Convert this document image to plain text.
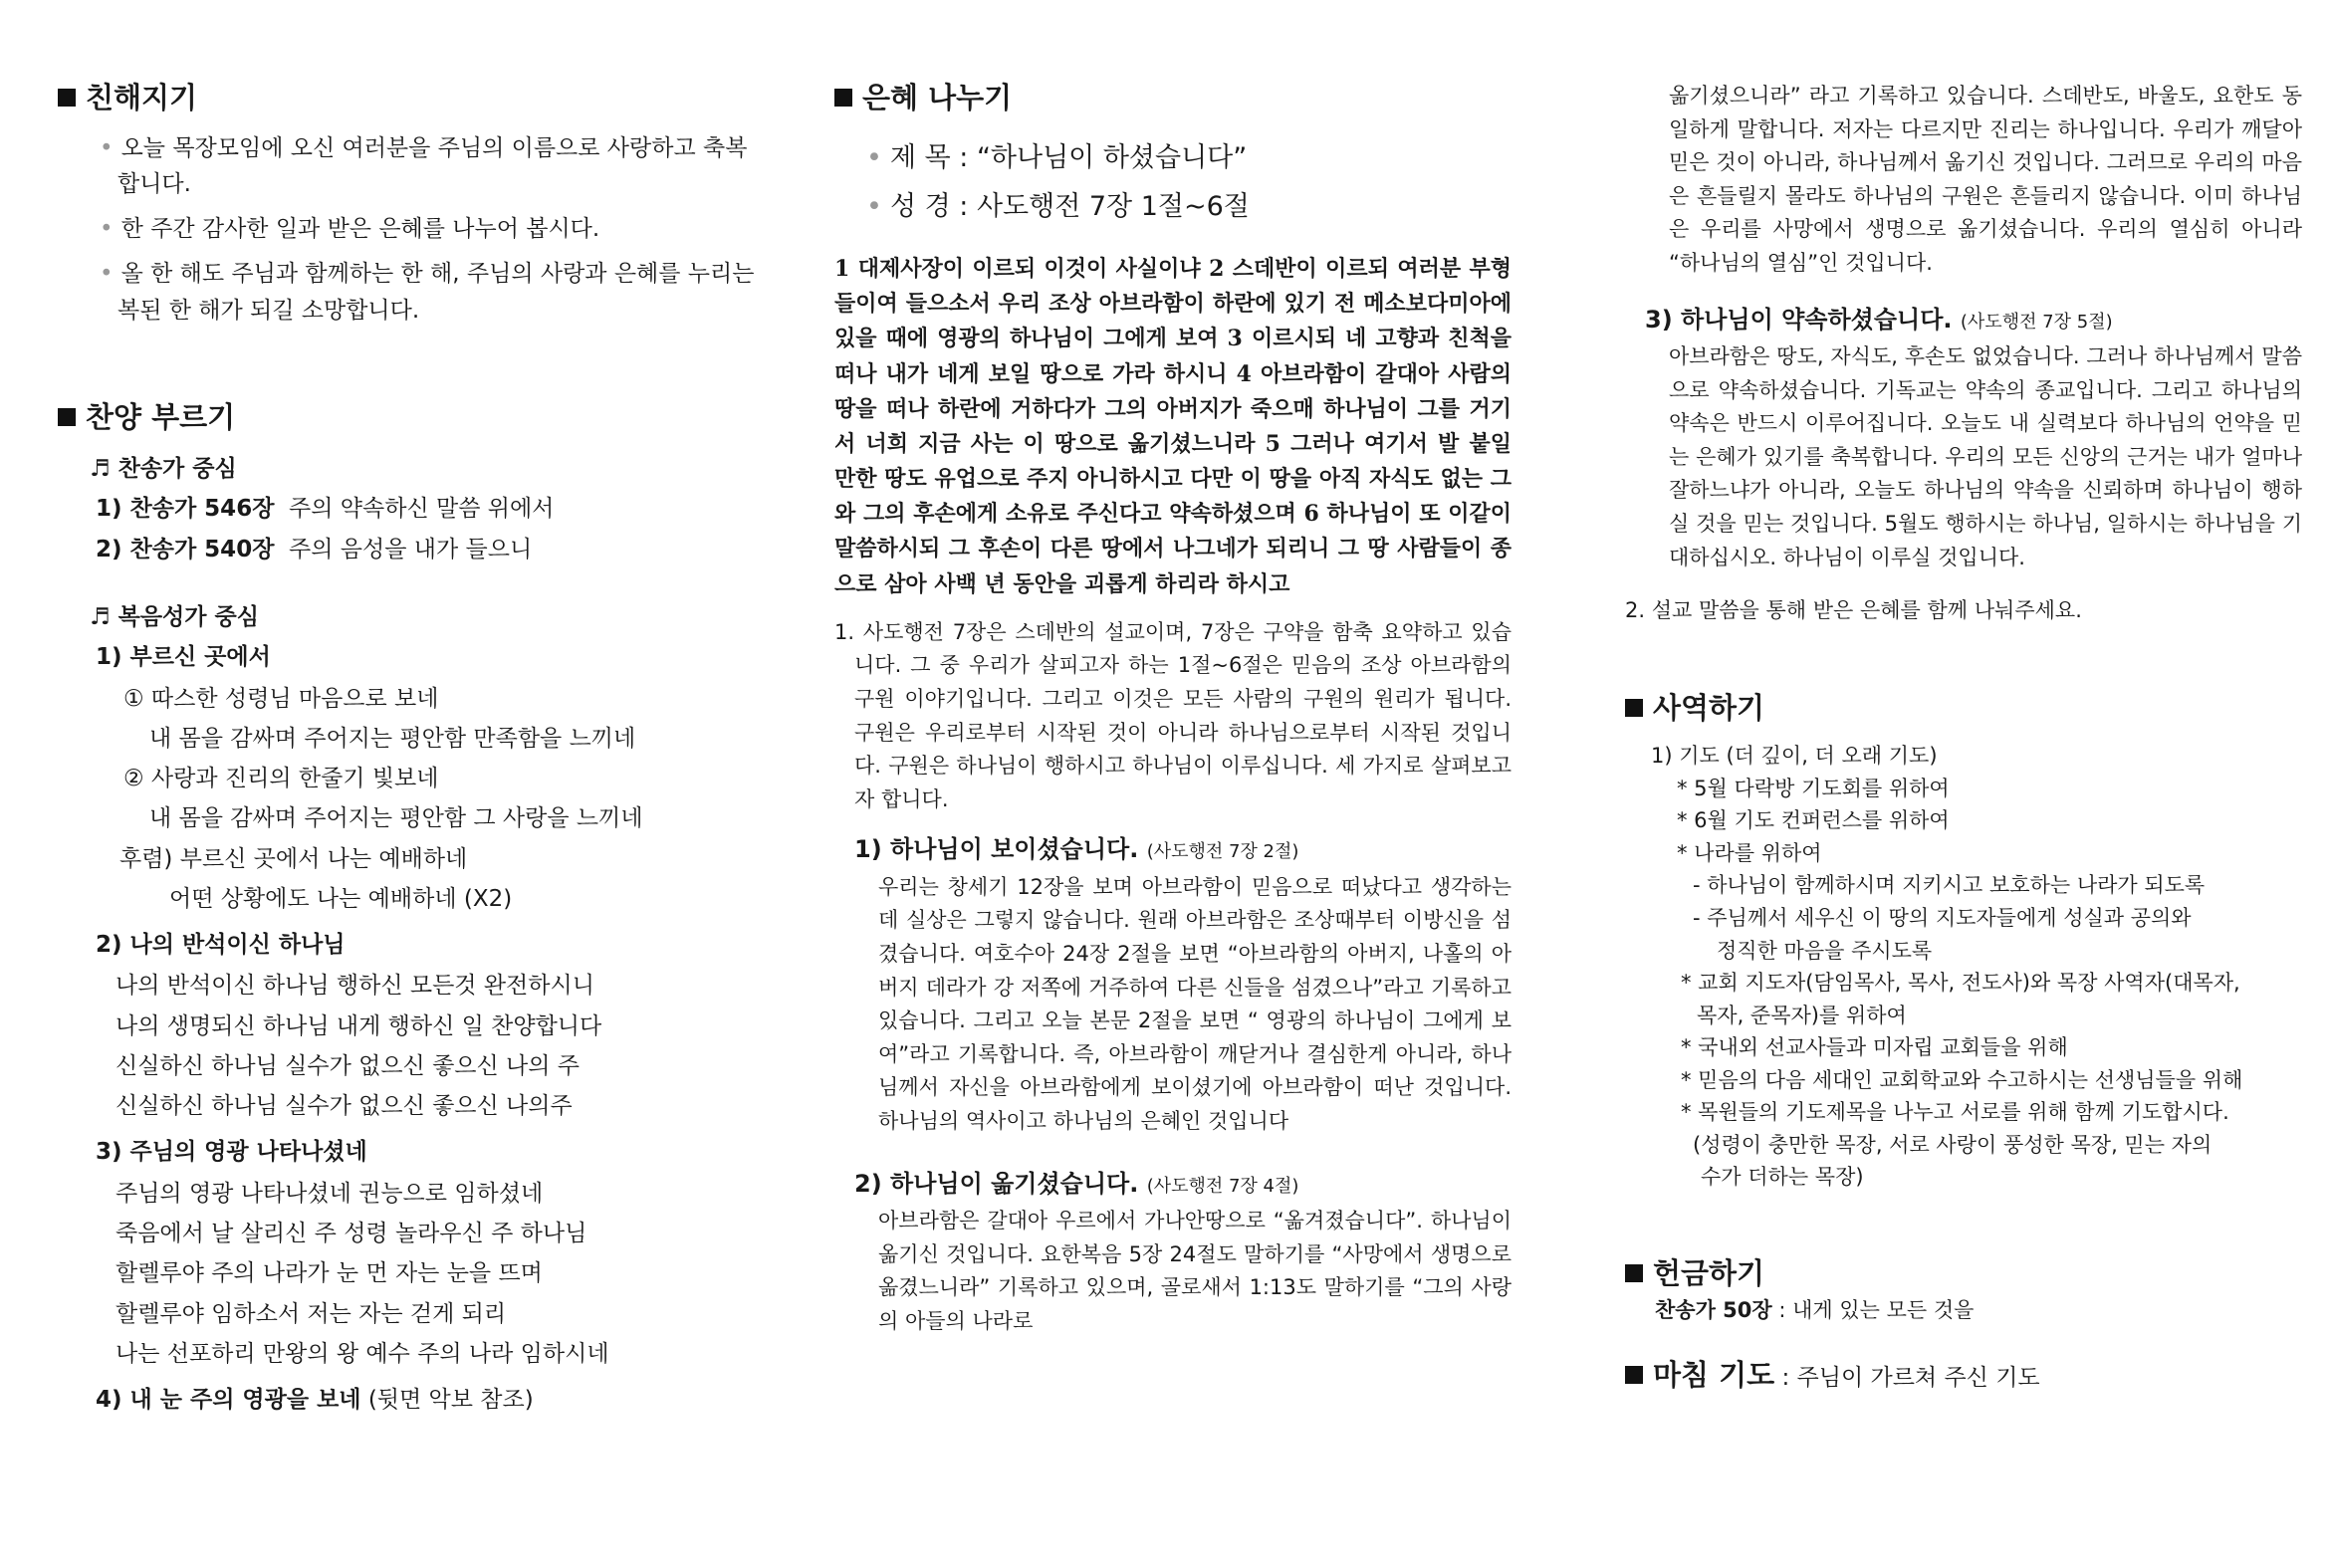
친해지기

• 오늘 목장모임에 오신 여러분을 주님의 이름으로 사랑하고 축복합니다.

• 한 주간 감사한 일과 받은 은혜를 나누어 봅시다.

• 올 한 해도 주님과 함께하는 한 해, 주님의 사랑과 은혜를 누리는 복된 한 해가 되길 소망합니다.

찬양 부르기

♬ 찬송가 중심

1) 찬송가 546장 주의 약속하신 말씀 위에서

2) 찬송가 540장 주의 음성을 내가 들으니

♬ 복음성가 중심

1) 부르신 곳에서

① 따스한 성령님 마음으로 보네

내 몸을 감싸며 주어지는 평안함 만족함을 느끼네

② 사랑과 진리의 한줄기 빛보네

내 몸을 감싸며 주어지는 평안함 그 사랑을 느끼네

후렴) 부르신 곳에서 나는 예배하네

어떤 상황에도 나는 예배하네 (X2)

2) 나의 반석이신 하나님

나의 반석이신 하나님 행하신 모든것 완전하시니

나의 생명되신 하나님 내게 행하신 일 찬양합니다

신실하신 하나님 실수가 없으신 좋으신 나의 주

신실하신 하나님 실수가 없으신 좋으신 나의주

3) 주님의 영광 나타나셨네

주님의 영광 나타나셨네 권능으로 임하셨네

죽음에서 날 살리신 주 성령 놀라우신 주 하나님

할렐루야 주의 나라가 눈 먼 자는 눈을 뜨며

할렐루야 임하소서 저는 자는 걷게 되리

나는 선포하리 만왕의 왕 예수 주의 나라 임하시네

4) 내 눈 주의 영광을 보네 (뒷면 악보 참조)

은혜 나누기

• 제 목 : “하나님이 하셨습니다”

• 성 경 : 사도행전 7장 1절~6절

1 대제사장이 이르되 이것이 사실이냐 2 스데반이 이르되 여러분 부형들이여 들으소서 우리 조상 아브라함이 하란에 있기 전 메소보다미아에 있을 때에 영광의 하나님이 그에게 보여 3 이르시되 네 고향과 친척을 떠나 내가 네게 보일 땅으로 가라 하시니 4 아브라함이 갈대아 사람의 땅을 떠나 하란에 거하다가 그의 아버지가 죽으매 하나님이 그를 거기서 너희 지금 사는 이 땅으로 옮기셨느니라 5 그러나 여기서 발 붙일 만한 땅도 유업으로 주지 아니하시고 다만 이 땅을 아직 자식도 없는 그와 그의 후손에게 소유로 주신다고 약속하셨으며 6 하나님이 또 이같이 말씀하시되 그 후손이 다른 땅에서 나그네가 되리니 그 땅 사람들이 종으로 삼아 사백 년 동안을 괴롭게 하리라 하시고

1. 사도행전 7장은 스데반의 설교이며, 7장은 구약을 함축 요약하고 있습니다. 그 중 우리가 살피고자 하는 1절~6절은 믿음의 조상 아브라함의 구원 이야기입니다. 그리고 이것은 모든 사람의 구원의 원리가 됩니다. 구원은 우리로부터 시작된 것이 아니라 하나님으로부터 시작된 것입니다. 구원은 하나님이 행하시고 하나님이 이루십니다. 세 가지로 살펴보고자 합니다.

1) 하나님이 보이셨습니다. (사도행전 7장 2절)

우리는 창세기 12장을 보며 아브라함이 믿음으로 떠났다고 생각하는데 실상은 그렇지 않습니다. 원래 아브라함은 조상때부터 이방신을 섬겼습니다. 여호수아 24장 2절을 보면 “아브라함의 아버지, 나홀의 아버지 데라가 강 저쪽에 거주하여 다른 신들을 섬겼으나”라고 기록하고 있습니다. 그리고 오늘 본문 2절을 보면 “ 영광의 하나님이 그에게 보여”라고 기록합니다. 즉, 아브라함이 깨닫거나 결심한게 아니라, 하나님께서 자신을 아브라함에게 보이셨기에 아브라함이 떠난 것입니다. 하나님의 역사이고 하나님의 은혜인 것입니다

2) 하나님이 옮기셨습니다. (사도행전 7장 4절)

아브라함은 갈대아 우르에서 가나안땅으로 “옮겨졌습니다”. 하나님이 옮기신 것입니다. 요한복음 5장 24절도 말하기를 “사망에서 생명으로 옮겼느니라” 기록하고 있으며, 골로새서 1:13도 말하기를 “그의 사랑의 아들의 나라로

옮기셨으니라” 라고 기록하고 있습니다. 스데반도, 바울도, 요한도 동일하게 말합니다. 저자는 다르지만 진리는 하나입니다. 우리가 깨달아 믿은 것이 아니라, 하나님께서 옮기신 것입니다. 그러므로 우리의 마음은 흔들릴지 몰라도 하나님의 구원은 흔들리지 않습니다. 이미 하나님은 우리를 사망에서 생명으로 옮기셨습니다. 우리의 열심히 아니라 “하나님의 열심”인 것입니다.

3) 하나님이 약속하셨습니다. (사도행전 7장 5절)

아브라함은 땅도, 자식도, 후손도 없었습니다. 그러나 하나님께서 말씀으로 약속하셨습니다. 기독교는 약속의 종교입니다. 그리고 하나님의 약속은 반드시 이루어집니다. 오늘도 내 실력보다 하나님의 언약을 믿는 은혜가 있기를 축복합니다. 우리의 모든 신앙의 근거는 내가 얼마나 잘하느냐가 아니라, 오늘도 하나님의 약속을 신뢰하며 하나님이 행하실 것을 믿는 것입니다. 5월도 행하시는 하나님, 일하시는 하나님을 기대하십시오. 하나님이 이루실 것입니다.

2. 설교 말씀을 통해 받은 은혜를 함께 나눠주세요.

사역하기

1) 기도 (더 깊이, 더 오래 기도)

* 5월 다락방 기도회를 위하여

* 6월 기도 컨퍼런스를 위하여

* 나라를 위하여

- 하나님이 함께하시며 지키시고 보호하는 나라가 되도록

- 주님께서 세우신 이 땅의 지도자들에게 성실과 공의와

정직한 마음을 주시도록

* 교회 지도자(담임목사, 목사, 전도사)와 목장 사역자(대목자,

목자, 준목자)를 위하여

* 국내외 선교사들과 미자립 교회들을 위해

* 믿음의 다음 세대인 교회학교와 수고하시는 선생님들을 위해

* 목원들의 기도제목을 나누고 서로를 위해 함께 기도합시다.

(성령이 충만한 목장, 서로 사랑이 풍성한 목장, 믿는 자의

수가 더하는 목장)

헌금하기

찬송가 50장 : 내게 있는 모든 것을

마침 기도 : 주님이 가르쳐 주신 기도
